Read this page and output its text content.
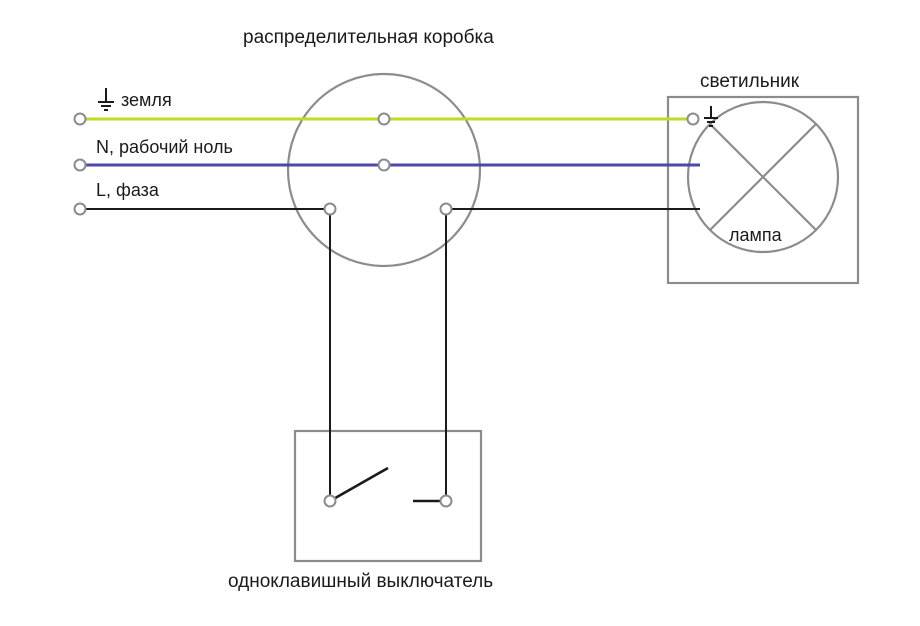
распределительная коробка
светильник
лампа
одноклавишный выключатель
земля
N, рабочий ноль
L, фаза
